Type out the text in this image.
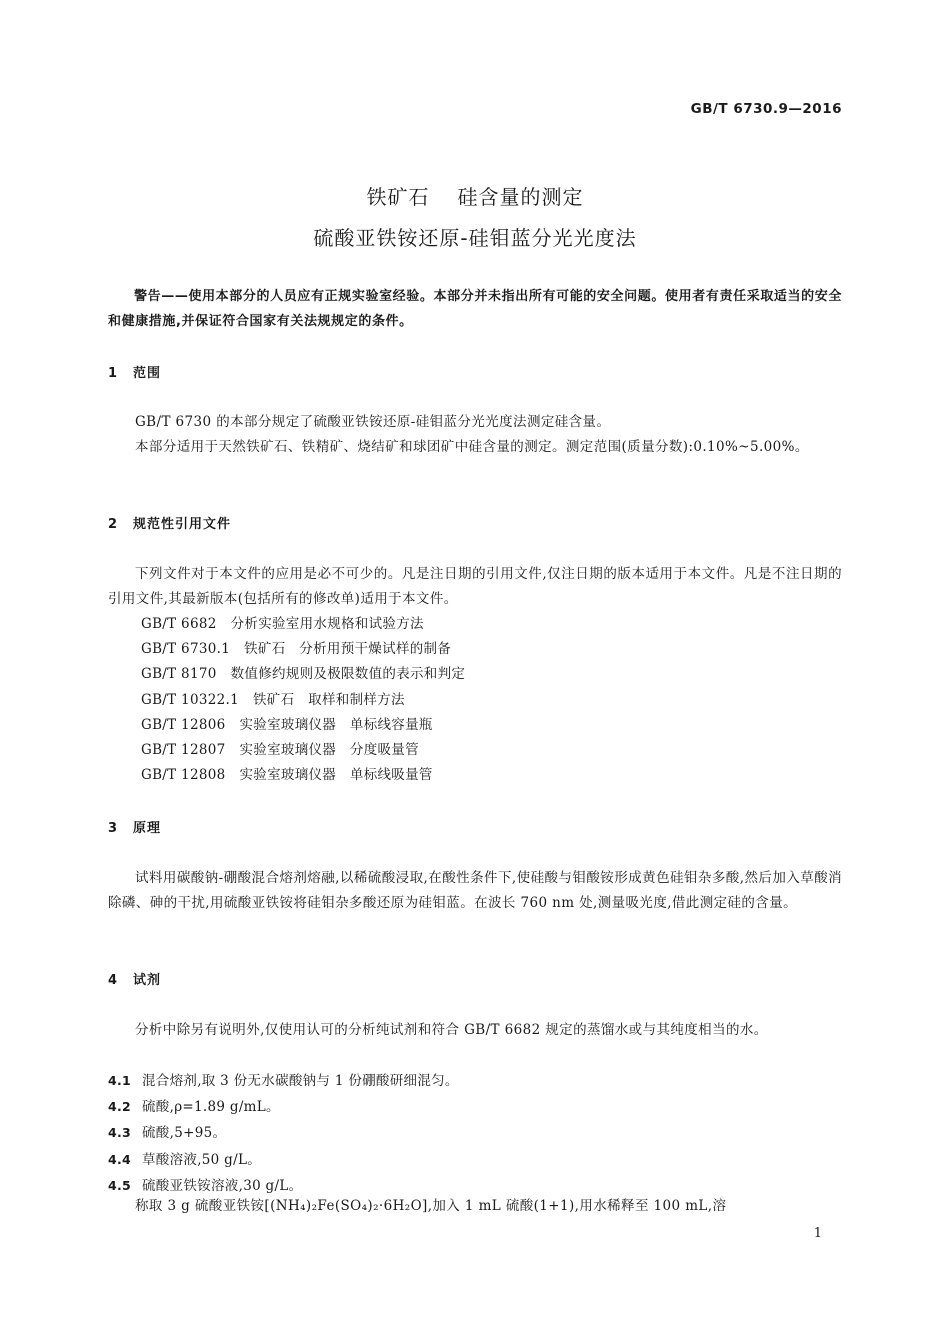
GB/T 6730.9—2016
铁矿石 硅含量的测定
硫酸亚铁铵还原-硅钼蓝分光光度法
警告——使用本部分的人员应有正规实验室经验。本部分并未指出所有可能的安全问题。使用者有责任采取适当的安全和健康措施,并保证符合国家有关法规规定的条件。
1 范围
GB/T 6730 的本部分规定了硫酸亚铁铵还原-硅钼蓝分光光度法测定硅含量。
本部分适用于天然铁矿石、铁精矿、烧结矿和球团矿中硅含量的测定。测定范围(质量分数):0.10%~5.00%。
2 规范性引用文件
下列文件对于本文件的应用是必不可少的。凡是注日期的引用文件,仅注日期的版本适用于本文件。凡是不注日期的引用文件,其最新版本(包括所有的修改单)适用于本文件。
GB/T 6682 分析实验室用水规格和试验方法
GB/T 6730.1 铁矿石　分析用预干燥试样的制备
GB/T 8170 数值修约规则及极限数值的表示和判定
GB/T 10322.1 铁矿石　取样和制样方法
GB/T 12806 实验室玻璃仪器　单标线容量瓶
GB/T 12807 实验室玻璃仪器　分度吸量管
GB/T 12808 实验室玻璃仪器　单标线吸量管
3 原理
试料用碳酸钠-硼酸混合熔剂熔融,以稀硫酸浸取,在酸性条件下,使硅酸与钼酸铵形成黄色硅钼杂多酸,然后加入草酸消除磷、砷的干扰,用硫酸亚铁铵将硅钼杂多酸还原为硅钼蓝。在波长 760 nm 处,测量吸光度,借此测定硅的含量。
4 试剂
分析中除另有说明外,仅使用认可的分析纯试剂和符合 GB/T 6682 规定的蒸馏水或与其纯度相当的水。
4.1 混合熔剂,取 3 份无水碳酸钠与 1 份硼酸研细混匀。
4.2 硫酸,ρ=1.89 g/mL。
4.3 硫酸,5+95。
4.4 草酸溶液,50 g/L。
4.5 硫酸亚铁铵溶液,30 g/L。
称取 3 g 硫酸亚铁铵[(NH₄)₂Fe(SO₄)₂·6H₂O],加入 1 mL 硫酸(1+1),用水稀释至 100 mL,溶
1
